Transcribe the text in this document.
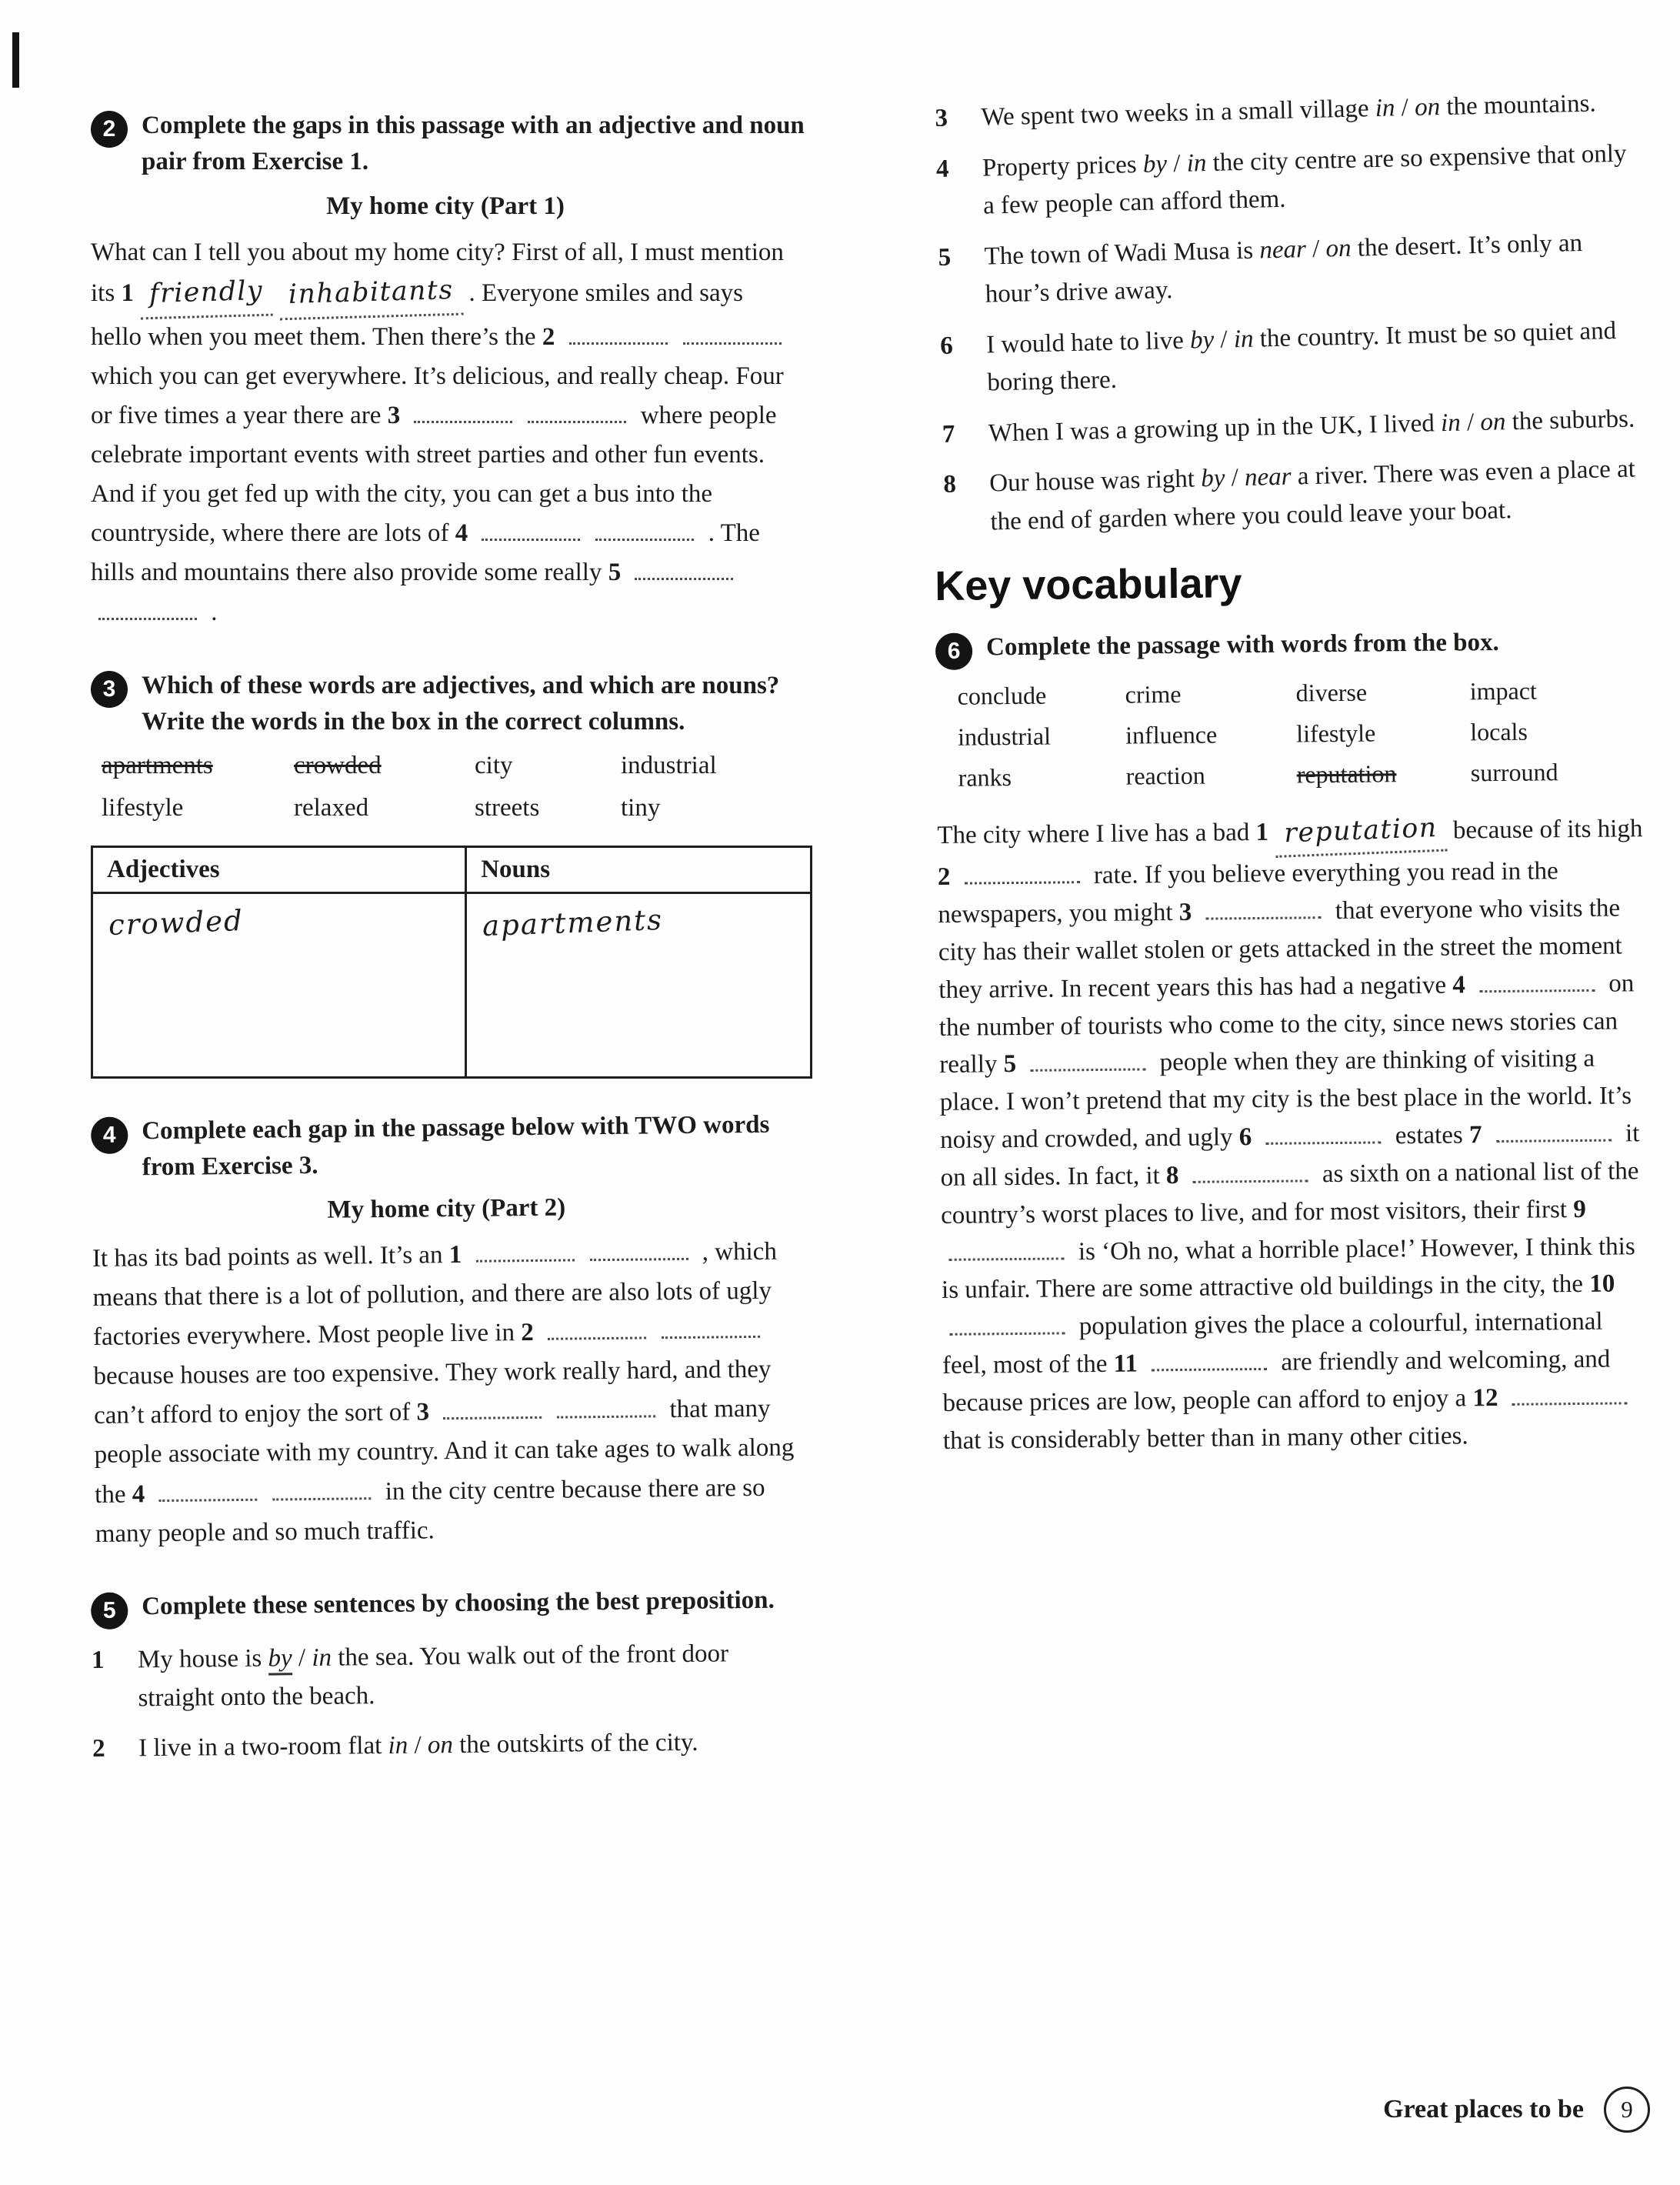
2	Complete the gaps in this passage with an adjective and noun pair from Exercise 1.
My home city (Part 1)

What can I tell you about my home city? First of all, I must mention its 1 friendly inhabitants . Everyone smiles and says hello when you meet them. Then there’s the 2  which you can get everywhere. It’s delicious, and really cheap. Four or five times a year there are 3	where people celebrate important events with street parties and other fun events. And if you get fed up with the city, you can get a bus into the countryside, where there are lots of 4	. The hills and mountains there also provide some really 5  .

3	Which of these words are adjectives, and which are nouns? Write the words in the box in the correct columns.
apartments	crowded	city	industrial
lifestyle	relaxed	streets	tiny
Adjectives	Nouns
crowded	apartments
4	Complete each gap in the passage below with TWO words from Exercise 3.
My home city (Part 2)

It has its bad points as well. It’s an 1	, which means that there is a lot of pollution, and there are also lots of ugly factories everywhere. Most people live in 2  because houses are too expensive. They work really hard, and they can’t afford to enjoy the sort of 3	that many people associate with my country. And it can take ages to walk along the 4	in the city centre because there are so many people and so much traffic.

5	Complete these sentences by choosing the best preposition.
1	My house is by / in the sea. You walk out of the front door straight onto the beach.
2	I live in a two-room flat in / on the outskirts of the city.
3	We spent two weeks in a small village in / on the mountains.
4	Property prices by / in the city centre are so expensive that only a few people can afford them.
5	The town of Wadi Musa is near / on the desert. It’s only an hour’s drive away.
6	I would hate to live by / in the country. It must be so quiet and boring there.
7	When I was a growing up in the UK, I lived in / on the suburbs.
8	Our house was right by / near a river. There was even a place at the end of garden where you could leave your boat.
Key vocabulary
6	Complete the passage with words from the box.
conclude	crime	diverse	impact
industrial	influence	lifestyle	locals
ranks	reaction	reputation	surround

The city where I live has a bad 1 reputation because of its high 2	rate. If you believe everything you read in the newspapers, you might 3	that everyone who visits the city has their wallet stolen or gets attacked in the street the moment they arrive. In recent years this has had a negative 4	on the number of tourists who come to the city, since news stories can really 5	people when they are thinking of visiting a place. I won’t pretend that my city is the best place in the world. It’s noisy and crowded, and ugly 6	estates 7	it on all sides. In fact, it 8	as sixth on a national list of the country’s worst places to live, and for most visitors, their first 9  is ‘Oh no, what a horrible place!’ However, I think this is unfair. There are some attractive old buildings in the city, the 10  population gives the place a colourful, international feel, most of the 11	are friendly and welcoming, and because prices are low, people can afford to enjoy a 12  that is considerably better than in many other cities.

Great places to be	9
